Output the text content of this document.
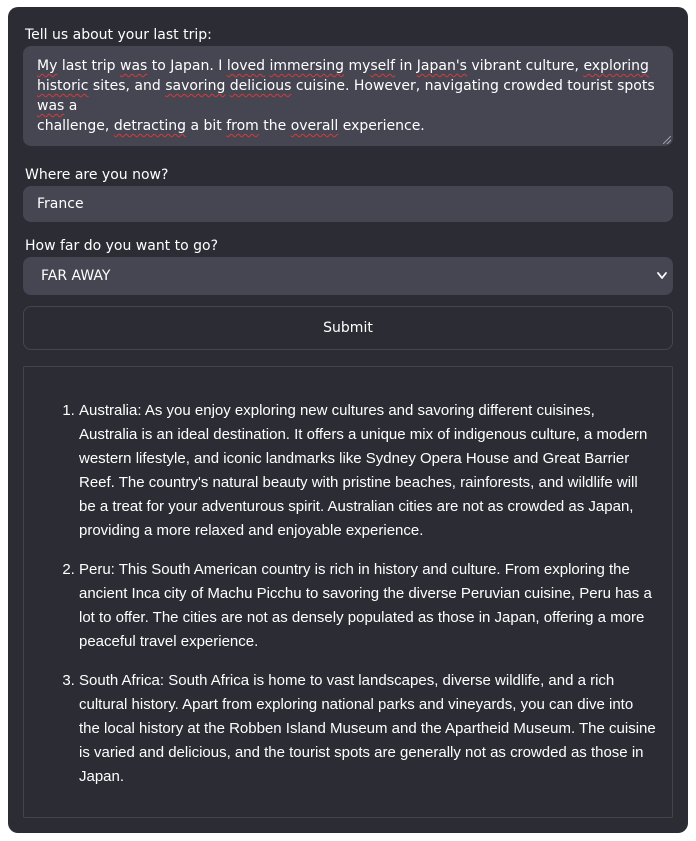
Tell us about your last trip:
My last trip was to Japan. I loved immersing myself in Japan's vibrant culture, exploring
historic sites, and savoring delicious cuisine. However, navigating crowded tourist spots was a
challenge, detracting a bit from the overall experience.
Where are you now?
France
How far do you want to go?
FAR AWAY
Submit
1. Australia: As you enjoy exploring new cultures and savoring different cuisines, Australia is an ideal destination. It offers a unique mix of indigenous culture, a modern western lifestyle, and iconic landmarks like Sydney Opera House and Great Barrier Reef. The country's natural beauty with pristine beaches, rainforests, and wildlife will be a treat for your adventurous spirit. Australian cities are not as crowded as Japan, providing a more relaxed and enjoyable experience.
2. Peru: This South American country is rich in history and culture. From exploring the ancient Inca city of Machu Picchu to savoring the diverse Peruvian cuisine, Peru has a lot to offer. The cities are not as densely populated as those in Japan, offering a more peaceful travel experience.
3. South Africa: South Africa is home to vast landscapes, diverse wildlife, and a rich cultural history. Apart from exploring national parks and vineyards, you can dive into the local history at the Robben Island Museum and the Apartheid Museum. The cuisine is varied and delicious, and the tourist spots are generally not as crowded as those in Japan.
